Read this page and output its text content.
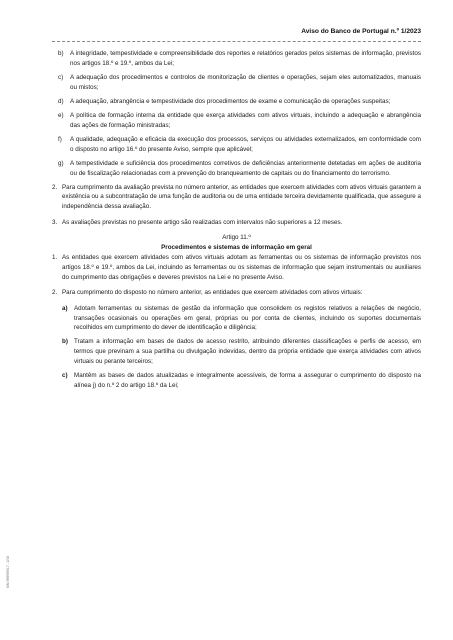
Aviso do Banco de Portugal n.º 1/2023
b)	A integridade, tempestividade e compreensibilidade dos reportes e relatórios gerados pelos sistemas de informação, previstos nos artigos 18.º e 19.º, ambos da Lei;
c)	A adequação dos procedimentos e controlos de monitorização de clientes e operações, sejam eles automatizados, manuais ou mistos;
d)	A adequação, abrangência e tempestividade dos procedimentos de exame e comunicação de operações suspeitas;
e)	A política de formação interna da entidade que exerça atividades com ativos virtuais, incluindo a adequação e abrangência das ações de formação ministradas;
f)	A qualidade, adequação e eficácia da execução dos processos, serviços ou atividades externalizados, em conformidade com o disposto no artigo 16.º do presente Aviso, sempre que aplicável;
g)	A tempestividade e suficiência dos procedimentos corretivos de deficiências anteriormente detetadas em ações de auditoria ou de fiscalização relacionadas com a prevenção do branqueamento de capitais ou do financiamento do terrorismo.
2. Para cumprimento da avaliação prevista no número anterior, as entidades que exercem atividades com ativos virtuais garantem a existência ou a subcontratação de uma função de auditoria ou de uma entidade terceira devidamente qualificada, que assegure a independência dessa avaliação.
3. As avaliações previstas no presente artigo são realizadas com intervalos não superiores a 12 meses.

Artigo 11.º

Procedimentos e sistemas de informação em geral

1. As entidades que exercem atividades com ativos virtuais adotam as ferramentas ou os sistemas de informação previstos nos artigos 18.º e 19.º, ambos da Lei, incluindo as ferramentas ou os sistemas de informação que sejam instrumentais ou auxiliares do cumprimento das obrigações e deveres previstos na Lei e no presente Aviso.
2. Para cumprimento do disposto no número anterior, as entidades que exercem atividades com ativos virtuais:
a)	Adotam ferramentas ou sistemas de gestão da informação que consolidem os registos relativos a relações de negócio, transações ocasionais ou operações em geral, próprias ou por conta de clientes, incluindo os suportes documentais recolhidos em cumprimento do dever de identificação e diligência;
b) Tratam a informação em bases de dados de acesso restrito, atribuindo diferentes classificações e perfis de acesso, em termos que previnam a sua partilha ou divulgação indevidas, dentro da própria entidade que exerça atividades com ativos virtuais ou perante terceiros;
c)	Mantêm as bases de dados atualizadas e integralmente acessíveis, de forma a assegurar o cumprimento do disposto na alínea j) do n.º 2 do artigo 18.º da Lei;
MM 999999/17 - 2/16
